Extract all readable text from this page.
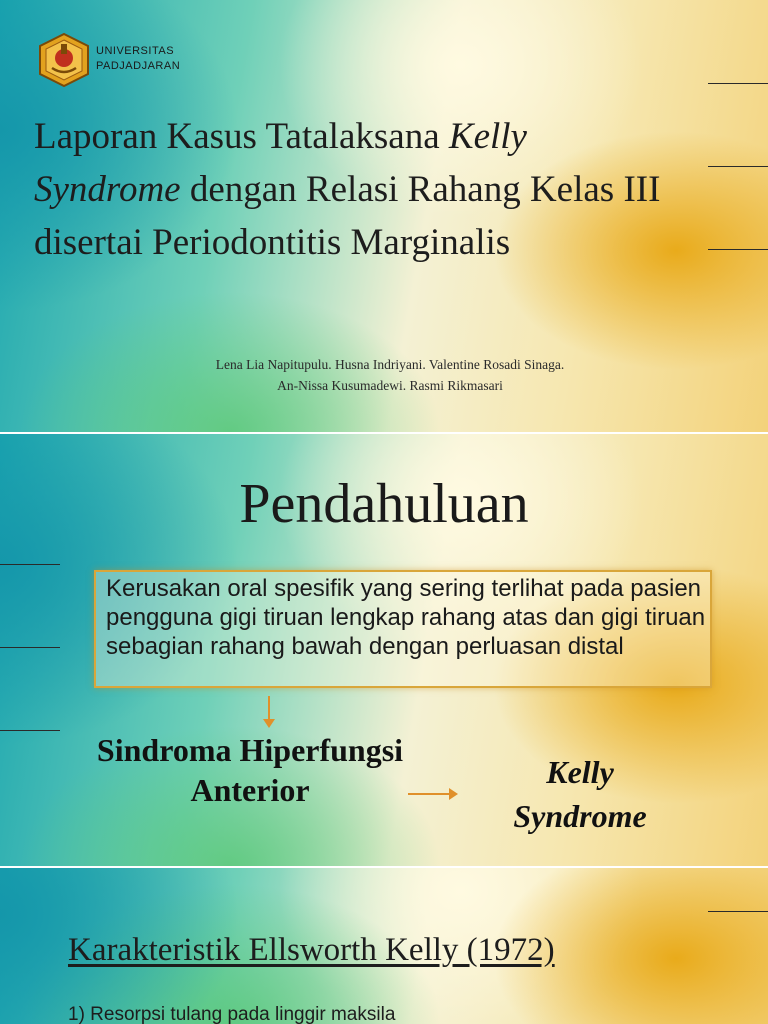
UNIVERSITAS
PADJADJARAN
Laporan Kasus Tatalaksana Kelly Syndrome dengan Relasi Rahang Kelas III disertai Periodontitis Marginalis
Lena Lia Napitupulu. Husna Indriyani. Valentine Rosadi Sinaga.
An-Nissa Kusumadewi. Rasmi Rikmasari
Pendahuluan
Kerusakan oral spesifik yang sering terlihat pada pasien pengguna gigi tiruan lengkap rahang atas dan gigi tiruan sebagian rahang bawah dengan perluasan distal
Sindroma Hiperfungsi Anterior	Kelly Syndrome
Karakteristik Ellsworth Kelly (1972)
1) Resorpsi tulang pada linggir maksila
